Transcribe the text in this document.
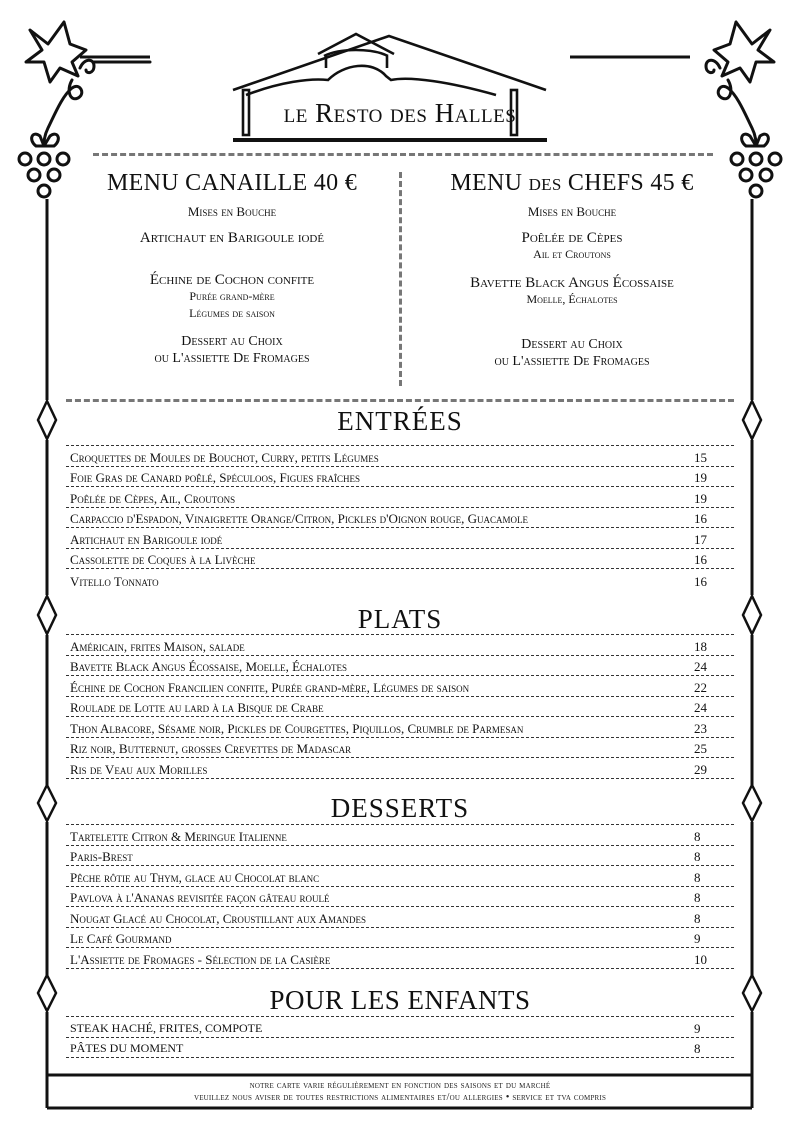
le Resto des Halles
MENU CANAILLE 40 €
Mises en Bouche
Artichaut en Barigoule iodé
Échine de Cochon confite
Purée grand-mère
Légumes de saison
Dessert au Choix
ou L'assiette De Fromages
MENU des CHEFS 45 €
Mises en Bouche
Poêlée de Cèpes
Ail et Croutons
Bavette Black Angus Écossaise
Moelle, Échalotes
Dessert au Choix
ou L'assiette De Fromages
ENTRÉES
Croquettes de Moules de Bouchot, Curry, petits Légumes	15
Foie Gras de Canard poêlé, Spéculoos, Figues fraîches	19
Poêlée de Cèpes, Ail, Croutons	19
Carpaccio d'Espadon, Vinaigrette Orange/Citron, Pickles d'Oignon rouge, Guacamole	16
Artichaut en Barigoule iodé	17
Cassolette de Coques à la Livèche	16
Vitello Tonnato	16
PLATS
Américain, frites Maison, salade	18
Bavette Black Angus Écossaise, Moelle, Échalotes	24
Échine de Cochon Francilien confite, Purée grand-mère, Légumes de saison	22
Roulade de Lotte au lard à la Bisque de Crabe	24
Thon Albacore, Sésame noir, Pickles de Courgettes, Piquillos, Crumble de Parmesan	23
Riz noir, Butternut, grosses Crevettes de Madascar	25
Ris de Veau aux Morilles	29
DESSERTS
Tartelette Citron & Meringue Italienne	8
Paris-Brest	8
Pêche rôtie au Thym, glace au Chocolat blanc	8
Pavlova à l'Ananas revisitée façon gâteau roulé	8
Nougat Glacé au Chocolat, Croustillant aux Amandes	8
Le Café Gourmand	9
L'Assiette de Fromages - Sélection de la Casière	10
POUR LES ENFANTS
STEAK HACHÉ, FRITES, COMPOTE	9
PÂTES DU MOMENT	8
notre carte varie régulièrement en fonction des saisons et du marché
veuillez nous aviser de toutes restrictions alimentaires et/ou allergies • service et tva compris
